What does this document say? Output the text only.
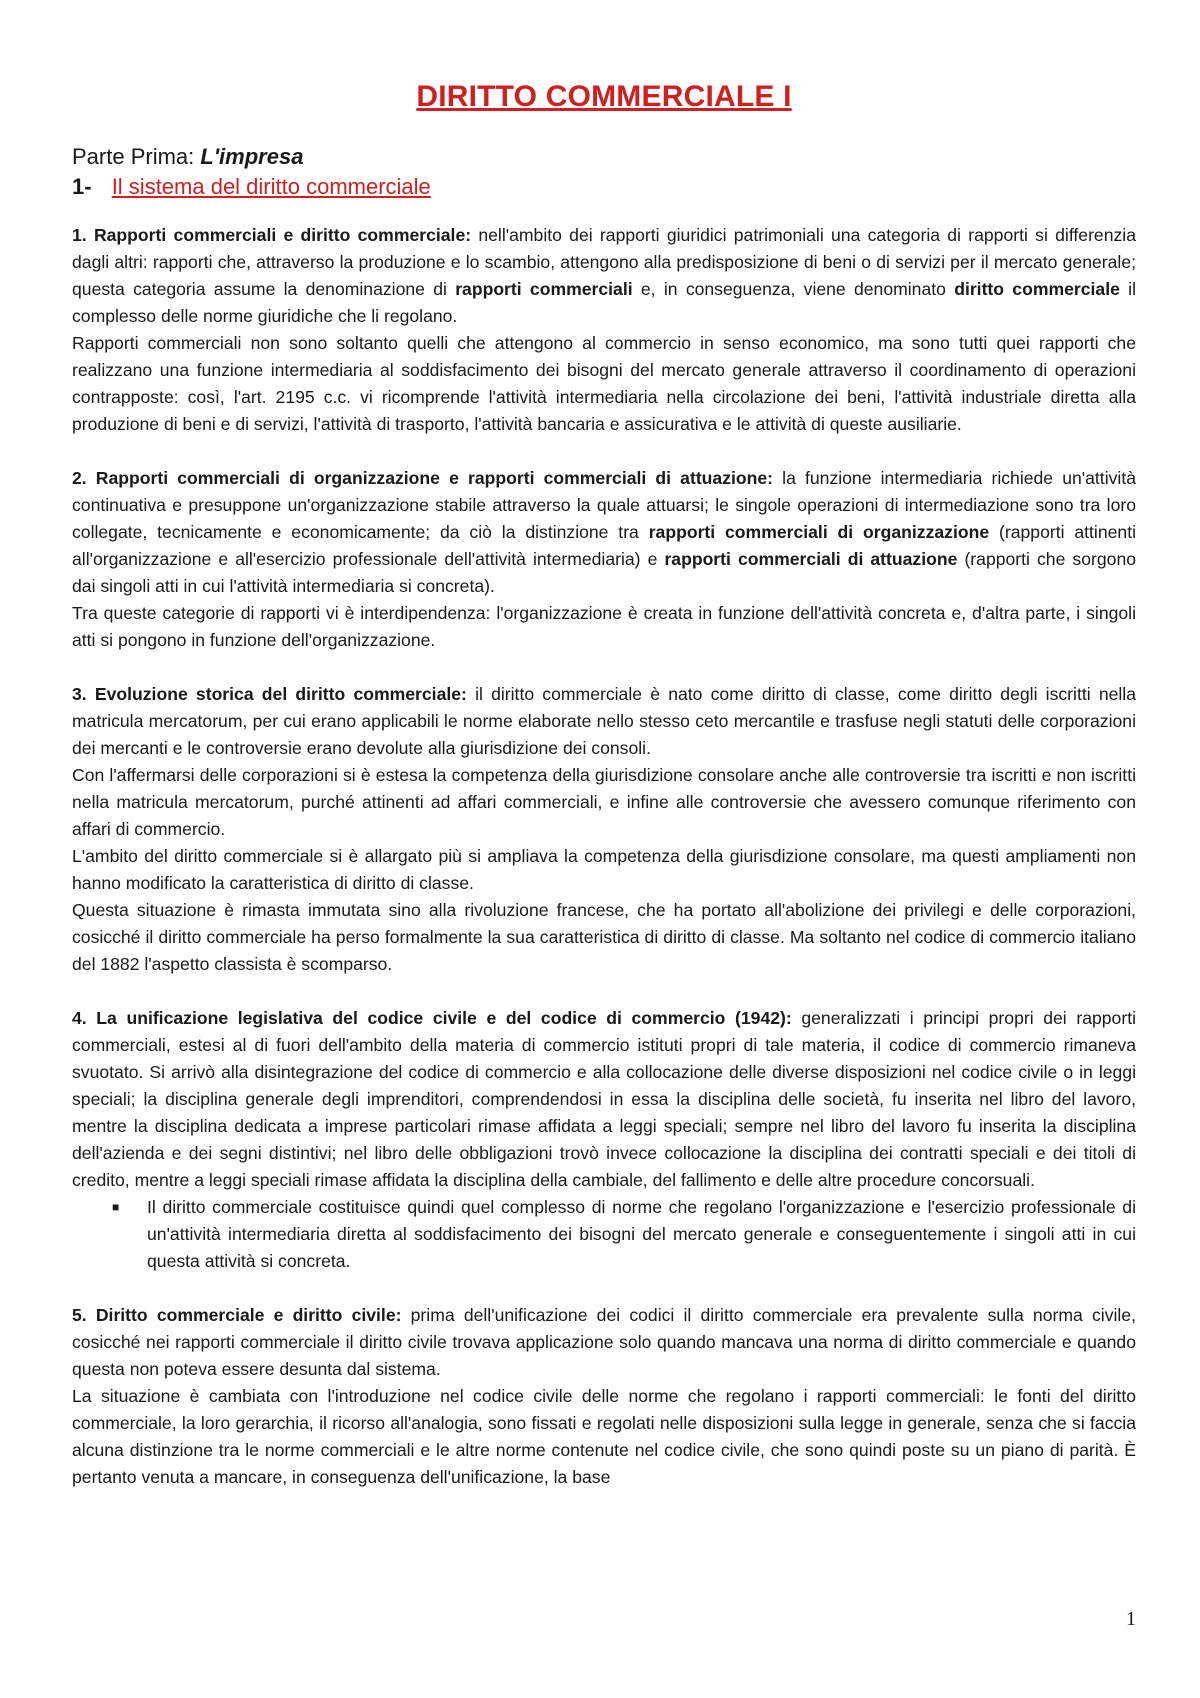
DIRITTO COMMERCIALE I

Parte Prima: L'impresa

1- Il sistema del diritto commerciale

1. Rapporti commerciali e diritto commerciale: nell'ambito dei rapporti giuridici patrimoniali una categoria di rapporti si differenzia dagli altri: rapporti che, attraverso la produzione e lo scambio, attengono alla predisposizione di beni o di servizi per il mercato generale; questa categoria assume la denominazione di rapporti commerciali e, in conseguenza, viene denominato diritto commerciale il complesso delle norme giuridiche che li regolano.

Rapporti commerciali non sono soltanto quelli che attengono al commercio in senso economico, ma sono tutti quei rapporti che realizzano una funzione intermediaria al soddisfacimento dei bisogni del mercato generale attraverso il coordinamento di operazioni contrapposte: così, l'art. 2195 c.c. vi ricomprende l'attività intermediaria nella circolazione dei beni, l'attività industriale diretta alla produzione di beni e di servizi, l'attività di trasporto, l'attività bancaria e assicurativa e le attività di queste ausiliarie.

2. Rapporti commerciali di organizzazione e rapporti commerciali di attuazione: la funzione intermediaria richiede un'attività continuativa e presuppone un'organizzazione stabile attraverso la quale attuarsi; le singole operazioni di intermediazione sono tra loro collegate, tecnicamente e economicamente; da ciò la distinzione tra rapporti commerciali di organizzazione (rapporti attinenti all'organizzazione e all'esercizio professionale dell'attività intermediaria) e rapporti commerciali di attuazione (rapporti che sorgono dai singoli atti in cui l'attività intermediaria si concreta).

Tra queste categorie di rapporti vi è interdipendenza: l'organizzazione è creata in funzione dell'attività concreta e, d'altra parte, i singoli atti si pongono in funzione dell'organizzazione.

3. Evoluzione storica del diritto commerciale: il diritto commerciale è nato come diritto di classe, come diritto degli iscritti nella matricula mercatorum, per cui erano applicabili le norme elaborate nello stesso ceto mercantile e trasfuse negli statuti delle corporazioni dei mercanti e le controversie erano devolute alla giurisdizione dei consoli.

Con l'affermarsi delle corporazioni si è estesa la competenza della giurisdizione consolare anche alle controversie tra iscritti e non iscritti nella matricula mercatorum, purché attinenti ad affari commerciali, e infine alle controversie che avessero comunque riferimento con affari di commercio.

L'ambito del diritto commerciale si è allargato più si ampliava la competenza della giurisdizione consolare, ma questi ampliamenti non hanno modificato la caratteristica di diritto di classe.

Questa situazione è rimasta immutata sino alla rivoluzione francese, che ha portato all'abolizione dei privilegi e delle corporazioni, cosicché il diritto commerciale ha perso formalmente la sua caratteristica di diritto di classe. Ma soltanto nel codice di commercio italiano del 1882 l'aspetto classista è scomparso.

4. La unificazione legislativa del codice civile e del codice di commercio (1942): generalizzati i principi propri dei rapporti commerciali, estesi al di fuori dell'ambito della materia di commercio istituti propri di tale materia, il codice di commercio rimaneva svuotato. Si arrivò alla disintegrazione del codice di commercio e alla collocazione delle diverse disposizioni nel codice civile o in leggi speciali; la disciplina generale degli imprenditori, comprendendosi in essa la disciplina delle società, fu inserita nel libro del lavoro, mentre la disciplina dedicata a imprese particolari rimase affidata a leggi speciali; sempre nel libro del lavoro fu inserita la disciplina dell'azienda e dei segni distintivi; nel libro delle obbligazioni trovò invece collocazione la disciplina dei contratti speciali e dei titoli di credito, mentre a leggi speciali rimase affidata la disciplina della cambiale, del fallimento e delle altre procedure concorsuali.

■ Il diritto commerciale costituisce quindi quel complesso di norme che regolano l'organizzazione e l'esercizio professionale di un'attività intermediaria diretta al soddisfacimento dei bisogni del mercato generale e conseguentemente i singoli atti in cui questa attività si concreta.

5. Diritto commerciale e diritto civile: prima dell'unificazione dei codici il diritto commerciale era prevalente sulla norma civile, cosicché nei rapporti commerciale il diritto civile trovava applicazione solo quando mancava una norma di diritto commerciale e quando questa non poteva essere desunta dal sistema.

La situazione è cambiata con l'introduzione nel codice civile delle norme che regolano i rapporti commerciali: le fonti del diritto commerciale, la loro gerarchia, il ricorso all'analogia, sono fissati e regolati nelle disposizioni sulla legge in generale, senza che si faccia alcuna distinzione tra le norme commerciali e le altre norme contenute nel codice civile, che sono quindi poste su un piano di parità. È pertanto venuta a mancare, in conseguenza dell'unificazione, la base

1
